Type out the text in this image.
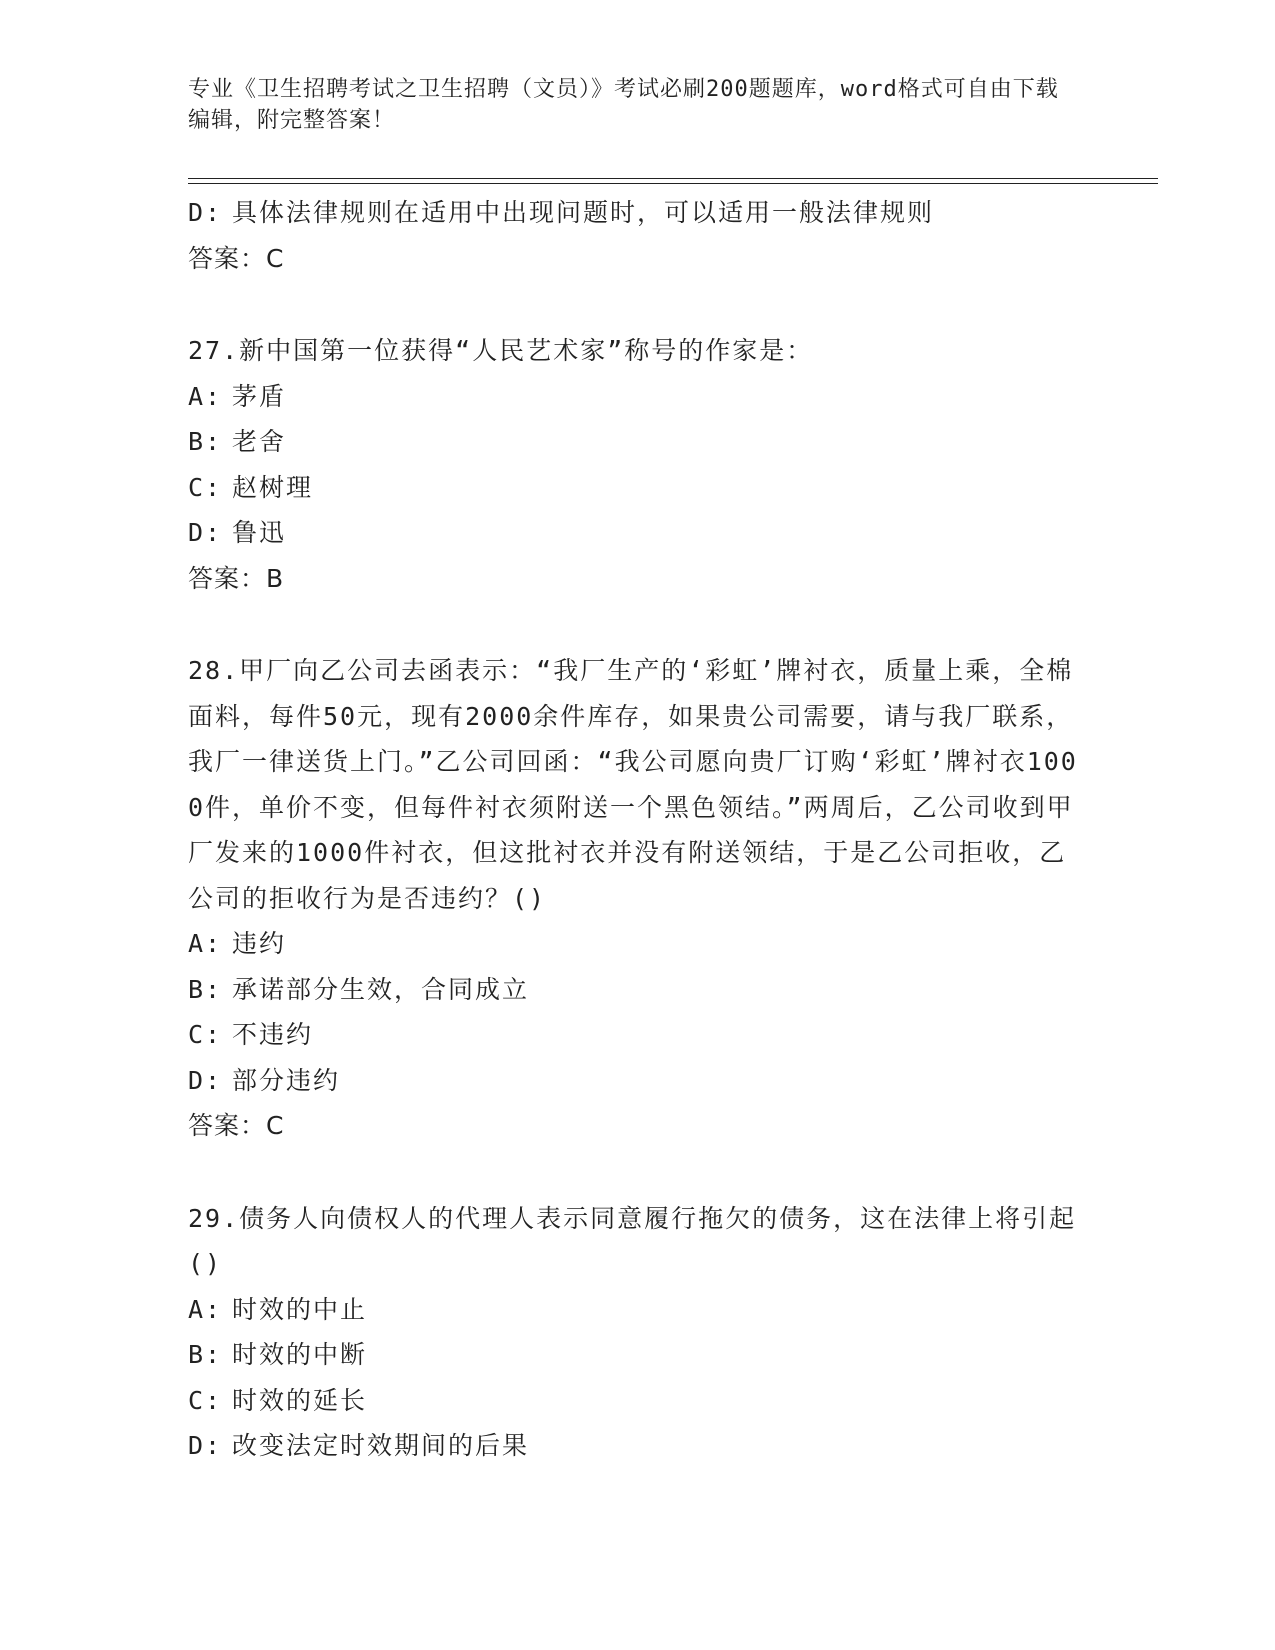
专业《卫生招聘考试之卫生招聘（文员）》考试必刷200题题库，word格式可自由下载编辑，附完整答案！
D: 具体法律规则在适用中出现问题时，可以适用一般法律规则
答案：C
27.新中国第一位获得“人民艺术家”称号的作家是：
A: 茅盾
B: 老舍
C: 赵树理
D: 鲁迅
答案：B
28.甲厂向乙公司去函表示：“我厂生产的‘彩虹’牌衬衣，质量上乘，全棉面料，每件50元，现有2000余件库存，如果贵公司需要，请与我厂联系，我厂一律送货上门。”乙公司回函：“我公司愿向贵厂订购‘彩虹’牌衬衣1000件，单价不变，但每件衬衣须附送一个黑色领结。”两周后，乙公司收到甲厂发来的1000件衬衣，但这批衬衣并没有附送领结，于是乙公司拒收，乙公司的拒收行为是否违约？()
A: 违约
B: 承诺部分生效，合同成立
C: 不违约
D: 部分违约
答案：C
29.债务人向债权人的代理人表示同意履行拖欠的债务，这在法律上将引起()
A: 时效的中止
B: 时效的中断
C: 时效的延长
D: 改变法定时效期间的后果
